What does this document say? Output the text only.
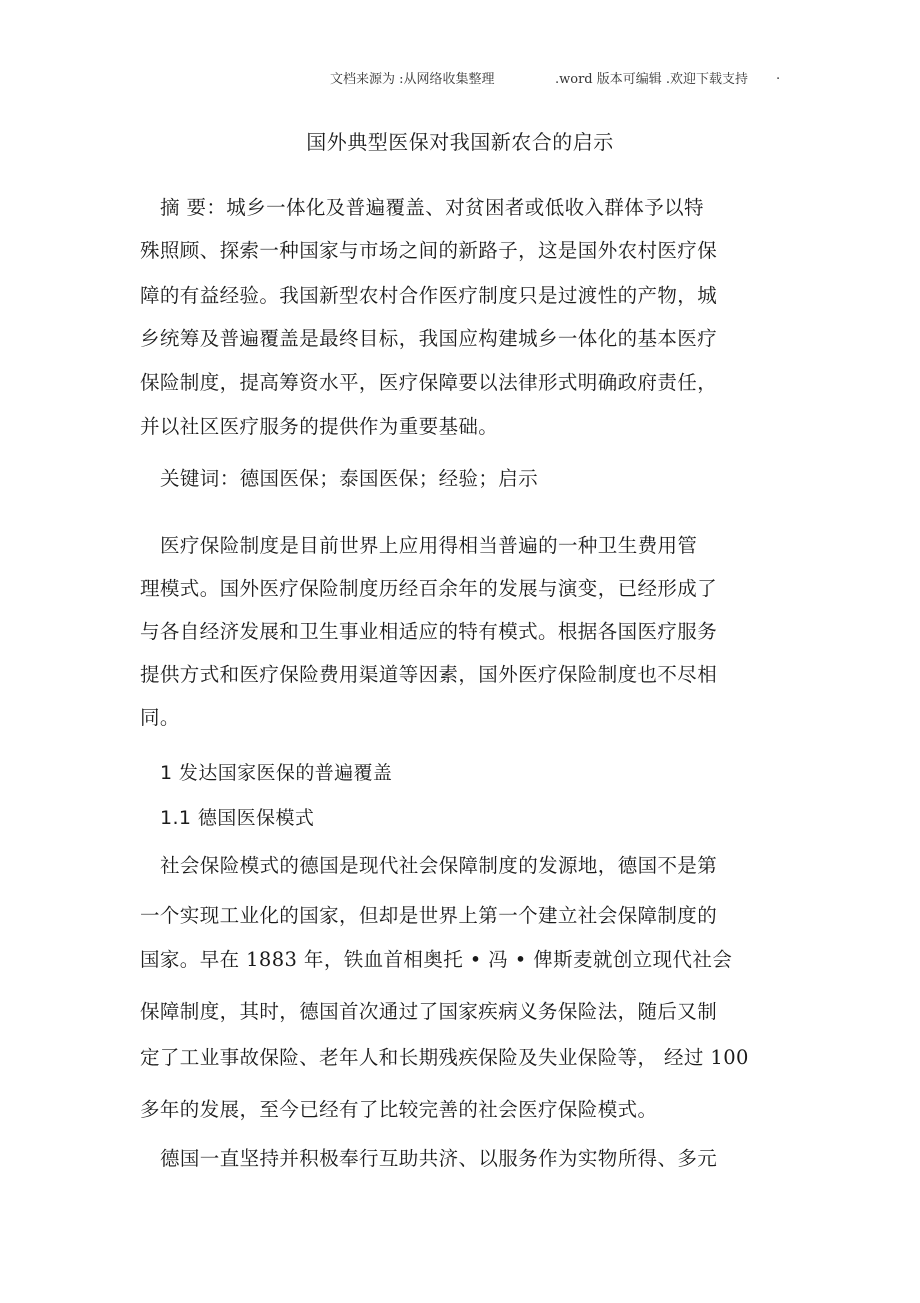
文档来源为 :从网络收集整理	.word 版本可编辑 .欢迎下载支持 .
国外典型医保对我国新农合的启示
摘 要：城乡一体化及普遍覆盖、对贫困者或低收入群体予以特
殊照顾、探索一种国家与市场之间的新路子，这是国外农村医疗保
障的有益经验。我国新型农村合作医疗制度只是过渡性的产物，城
乡统筹及普遍覆盖是最终目标，我国应构建城乡一体化的基本医疗
保险制度，提高筹资水平，医疗保障要以法律形式明确政府责任，
并以社区医疗服务的提供作为重要基础。
关键词：德国医保；泰国医保；经验；启示
医疗保险制度是目前世界上应用得相当普遍的一种卫生费用管
理模式。国外医疗保险制度历经百余年的发展与演变，已经形成了
与各自经济发展和卫生事业相适应的特有模式。根据各国医疗服务
提供方式和医疗保险费用渠道等因素，国外医疗保险制度也不尽相
同。
1 发达国家医保的普遍覆盖
1.1 德国医保模式
社会保险模式的德国是现代社会保障制度的发源地，德国不是第
一个实现工业化的国家，但却是世界上第一个建立社会保障制度的
国家。早在 1883 年，铁血首相奥托 • 冯 • 俾斯麦就创立现代社会
保障制度，其时，德国首次通过了国家疾病义务保险法，随后又制
定了工业事故保险、老年人和长期残疾保险及失业保险等， 经过 100
多年的发展，至今已经有了比较完善的社会医疗保险模式。
德国一直坚持并积极奉行互助共济、以服务作为实物所得、多元
